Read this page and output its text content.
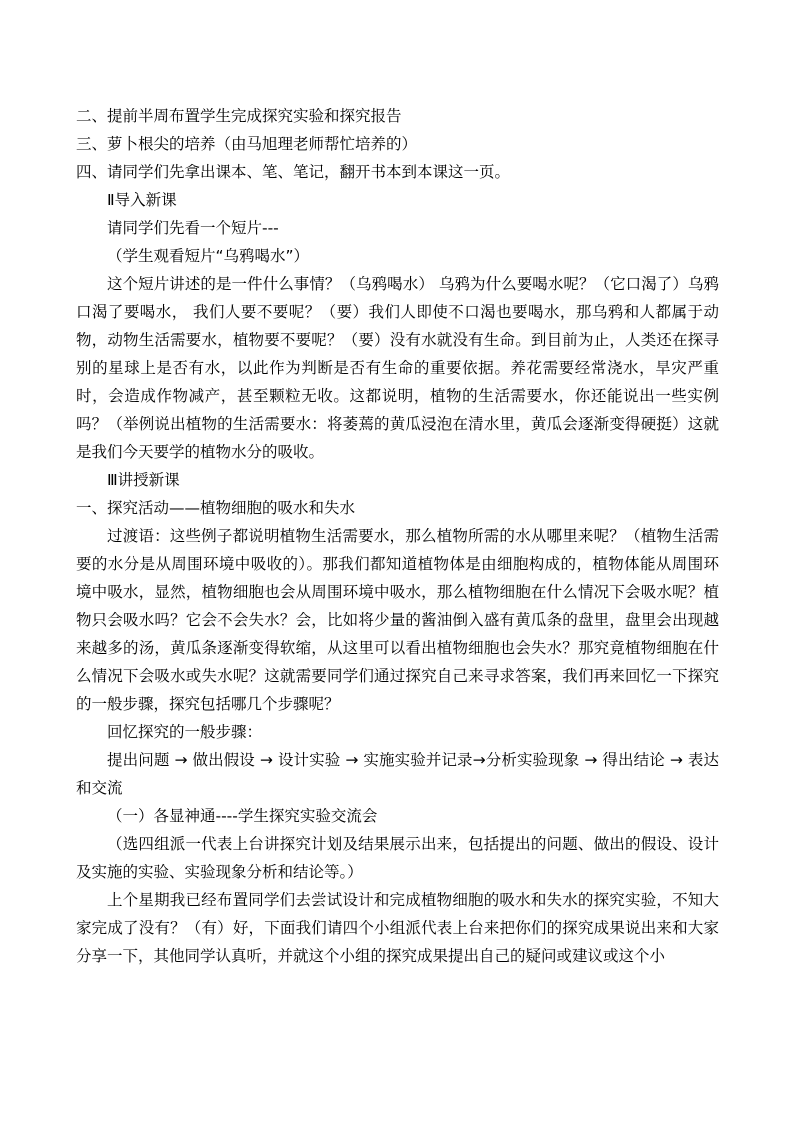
二、提前半周布置学生完成探究实验和探究报告

三、萝卜根尖的培养（由马旭理老师帮忙培养的）

四、请同学们先拿出课本、笔、笔记，翻开书本到本课这一页。

Ⅱ导入新课

请同学们先看一个短片---

（学生观看短片“乌鸦喝水”）

这个短片讲述的是一件什么事情？（乌鸦喝水） 乌鸦为什么要喝水呢？（它口渴了）乌鸦口渴了要喝水， 我们人要不要呢？（要）我们人即使不口渴也要喝水，那乌鸦和人都属于动物，动物生活需要水，植物要不要呢？（要）没有水就没有生命。到目前为止，人类还在探寻别的星球上是否有水，以此作为判断是否有生命的重要依据。养花需要经常浇水，旱灾严重时，会造成作物减产，甚至颗粒无收。这都说明，植物的生活需要水，你还能说出一些实例吗？（举例说出植物的生活需要水：将萎蔫的黄瓜浸泡在清水里，黄瓜会逐渐变得硬挺）这就是我们今天要学的植物水分的吸收。

Ⅲ讲授新课

一、探究活动——植物细胞的吸水和失水

过渡语：这些例子都说明植物生活需要水，那么植物所需的水从哪里来呢？（植物生活需要的水分是从周围环境中吸收的）。那我们都知道植物体是由细胞构成的，植物体能从周围环境中吸水，显然，植物细胞也会从周围环境中吸水，那么植物细胞在什么情况下会吸水呢？植物只会吸水吗？它会不会失水？会，比如将少量的酱油倒入盛有黄瓜条的盘里，盘里会出现越来越多的汤，黄瓜条逐渐变得软缩，从这里可以看出植物细胞也会失水？那究竟植物细胞在什么情况下会吸水或失水呢？这就需要同学们通过探究自己来寻求答案，我们再来回忆一下探究的一般步骤，探究包括哪几个步骤呢？

回忆探究的一般步骤：

提出问题 → 做出假设 → 设计实验 → 实施实验并记录→分析实验现象 → 得出结论 → 表达和交流

（一）各显神通----学生探究实验交流会

（选四组派一代表上台讲探究计划及结果展示出来，包括提出的问题、做出的假设、设计及实施的实验、实验现象分析和结论等。）

上个星期我已经布置同学们去尝试设计和完成植物细胞的吸水和失水的探究实验，不知大家完成了没有？（有）好，下面我们请四个小组派代表上台来把你们的探究成果说出来和大家分享一下，其他同学认真听，并就这个小组的探究成果提出自己的疑问或建议或这个小
